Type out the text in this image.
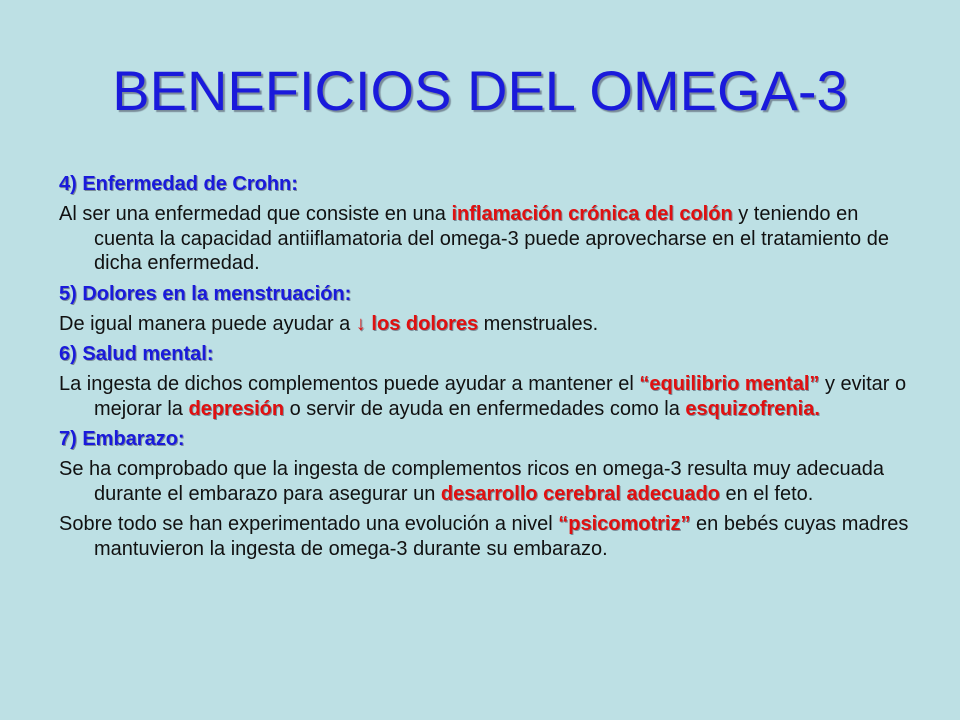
BENEFICIOS DEL OMEGA-3
4) Enfermedad de Crohn:
Al ser una enfermedad que consiste en una inflamación crónica del colón y teniendo en cuenta la capacidad antiiflamatoria del omega-3 puede aprovecharse en el tratamiento de dicha enfermedad.
5) Dolores en la menstruación:
De igual manera puede ayudar a ↓ los dolores menstruales.
6) Salud mental:
La ingesta de dichos complementos puede ayudar a mantener el “equilibrio mental” y evitar o mejorar la depresión o servir de ayuda en enfermedades como la esquizofrenia.
7) Embarazo:
Se ha comprobado que la ingesta de complementos ricos en omega-3 resulta muy adecuada durante el embarazo para asegurar un desarrollo cerebral adecuado en el feto.
Sobre todo se han experimentado una evolución a nivel “psicomotriz” en bebés cuyas madres mantuvieron la ingesta de omega-3 durante su embarazo.
